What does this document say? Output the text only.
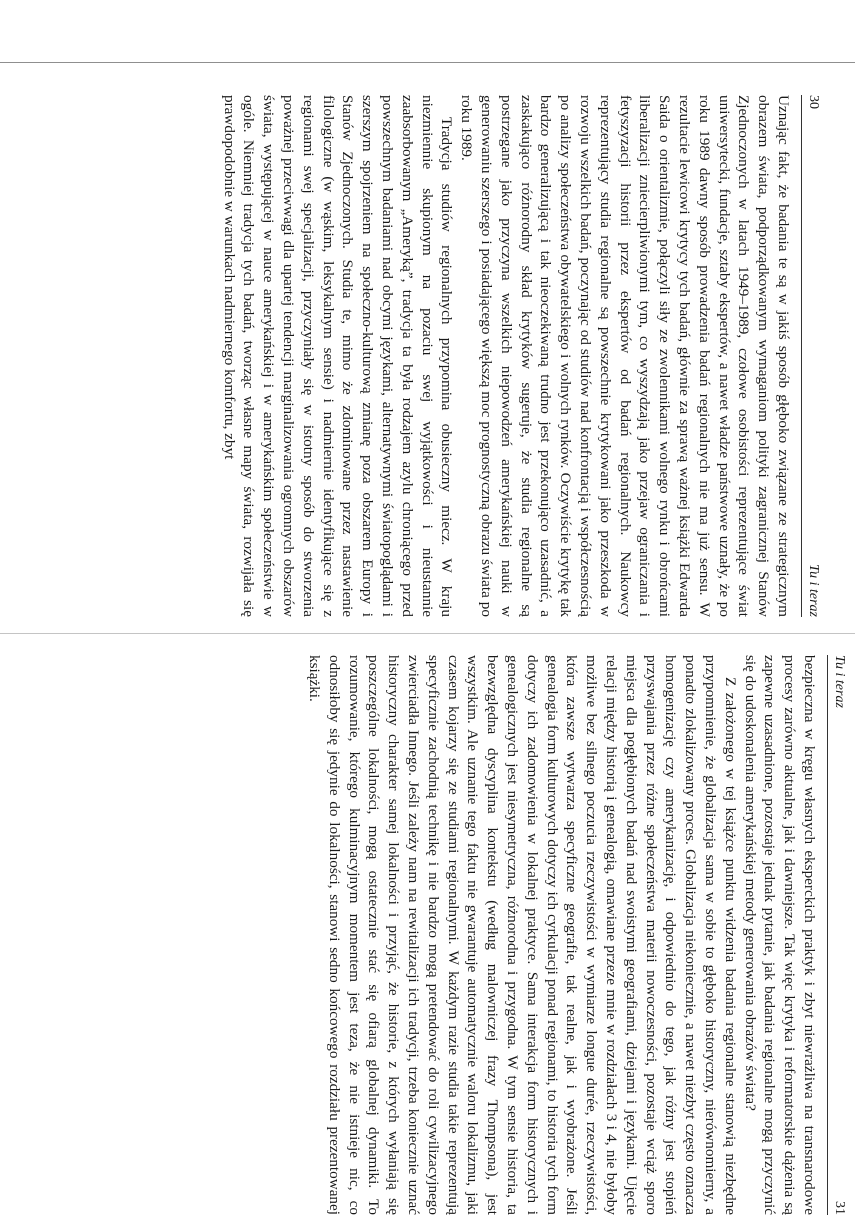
30
Tu i teraz

Uznając fakt, że badania te są w jakiś sposób głęboko związane ze strategicznym obrazem świata, podporządkowanym wymaganiom polityki zagranicznej Stanów Zjednoczonych w latach 1949–1989, czołowe osobistości reprezentujące świat uniwersytecki, fundacje, sztaby ekspertów, a nawet władze państwowe uznały, że po roku 1989 dawny sposób prowadzenia badań regionalnych nie ma już sensu. W rezultacie lewicowi krytycy tych badań, głównie za sprawą ważnej książki Edwarda Saida o orientalizmie, połączyli siły ze zwolennikami wolnego rynku i obrońcami liberalizacji zniecierpliwionymi tym, co wyszydzają jako przejaw ograniczania i fetyszyzacji historii przez ekspertów od badań regionalnych. Naukowcy reprezentujący studia regionalne są powszechnie krytykowani jako przeszkoda w rozwoju wszelkich badań, poczynając od studiów nad konfrontacją i współczesnością po analizy społeczeństwa obywatelskiego i wolnych rynków. Oczywiście krytykę tak bardzo generalizującą i tak nieoczekiwaną trudno jest przekonująco uzasadnić, a zaskakująco różnorodny skład krytyków sugeruje, że studia regionalne są postrzegane jako przyczyna wszelkich niepowodzeń amerykańskiej nauki w generowaniu szerszego i posiadającego większą moc prognostyczną obrazu świata po roku 1989.

Tradycja studiów regionalnych przypomina obusieczny miecz. W kraju niezmiennie skupionym na pozaciu swej wyjątkowości i nieustannie zaabsorbowanym „Ameryką”, tradycja ta była rodzajem azylu chroniącego przed powszechnym badaniami nad obcymi językami, alternatywnymi światopoglądami i szerszym spojrzeniem na społeczno-kulturową zmianę poza obszarem Europy i Stanów Zjednoczonych. Studia te, mimo że zdominowane przez nastawienie filologiczne (w wąskim, leksykalnym sensie) i nadmiernie identyfikujące się z regionami swej specjalizacji, przyczyniały się w istotny sposób do stworzenia poważnej przeciwwagi dla upartej tendencji marginalizowania ogromnych obszarów świata, występującej w nauce amerykańskiej i w amerykańskim społeczeństwie w ogóle. Niemniej tradycja tych badań, tworząc własne mapy świata, rozwijała się prawdopodobnie w warunkach nadmiernego komfortu, zbyt

Tu i teraz
31

bezpieczna w kręgu własnych eksperckich praktyk i zbyt niewrażliwa na transnarodowe procesy zarówno aktualne, jak i dawniejsze. Tak więc krytyka i reformatorskie dążenia są zapewne uzasadnione, pozostaje jednak pytanie, jak badania regionalne mogą przyczynić się do udoskonalenia amerykańskiej metody generowania obrazów świata?

Z założonego w tej książce punktu widzenia badania regionalne stanowią niezbędne przypomnienie, że globalizacja sama w sobie to głęboko historyczny, nierównomierny, a ponadto zlokalizowany proces. Globalizacja niekoniecznie, a nawet niezbyt często oznacza homogenizację czy amerykanizację, i odpowiednio do tego, jak różny jest stopień przyswajania przez różne społeczeństwa materii nowoczesności, pozostaje wciąż sporo miejsca dla pogłębionych badań nad swoistymi geografiami, dziejami i językami. Ujęcie relacji między historią i genealogią, omawiane przeze mnie w rozdziałach 3 i 4, nie byłoby możliwe bez silnego poczucia rzeczywistości w wymiarze longue durée, rzeczywistości, która zawsze wytwarza specyficzne geografie, tak realne, jak i wyobrażone. Jeśli genealogia form kulturowych dotyczy ich cyrkulacji ponad regionami, to historia tych form dotyczy ich zadomowienia w lokalnej praktyce. Sama interakcja form historycznych i genealogicznych jest niesymetryczna, różnorodna i przygodna. W tym sensie historia, ta bezwzględna dyscyplina kontekstu (według malowniczej frazy Thompsona), jest wszystkim. Ale uznanie tego faktu nie gwarantuje automatycznie waloru lokalizmu, jaki czasem kojarzy się ze studiami regionalnymi. W każdym razie studia takie reprezentują specyficznie zachodnią technikę i nie bardzo mogą pretendować do roli cywilizacyjnego zwierciadła Innego. Jeśli zależy nam na rewitalizacji ich tradycji, trzeba koniecznie uznać historyczny charakter samej lokalności i przyjąć, że historie, z których wyłaniają się poszczególne lokalności, mogą ostatecznie stać się ofiarą globalnej dynamiki. To rozumowanie, którego kulminacyjnym momentem jest teza, że nie istnieje nic, co odnosiłoby się jedynie do lokalności, stanowi sedno końcowego rozdziału prezentowanej książki.
